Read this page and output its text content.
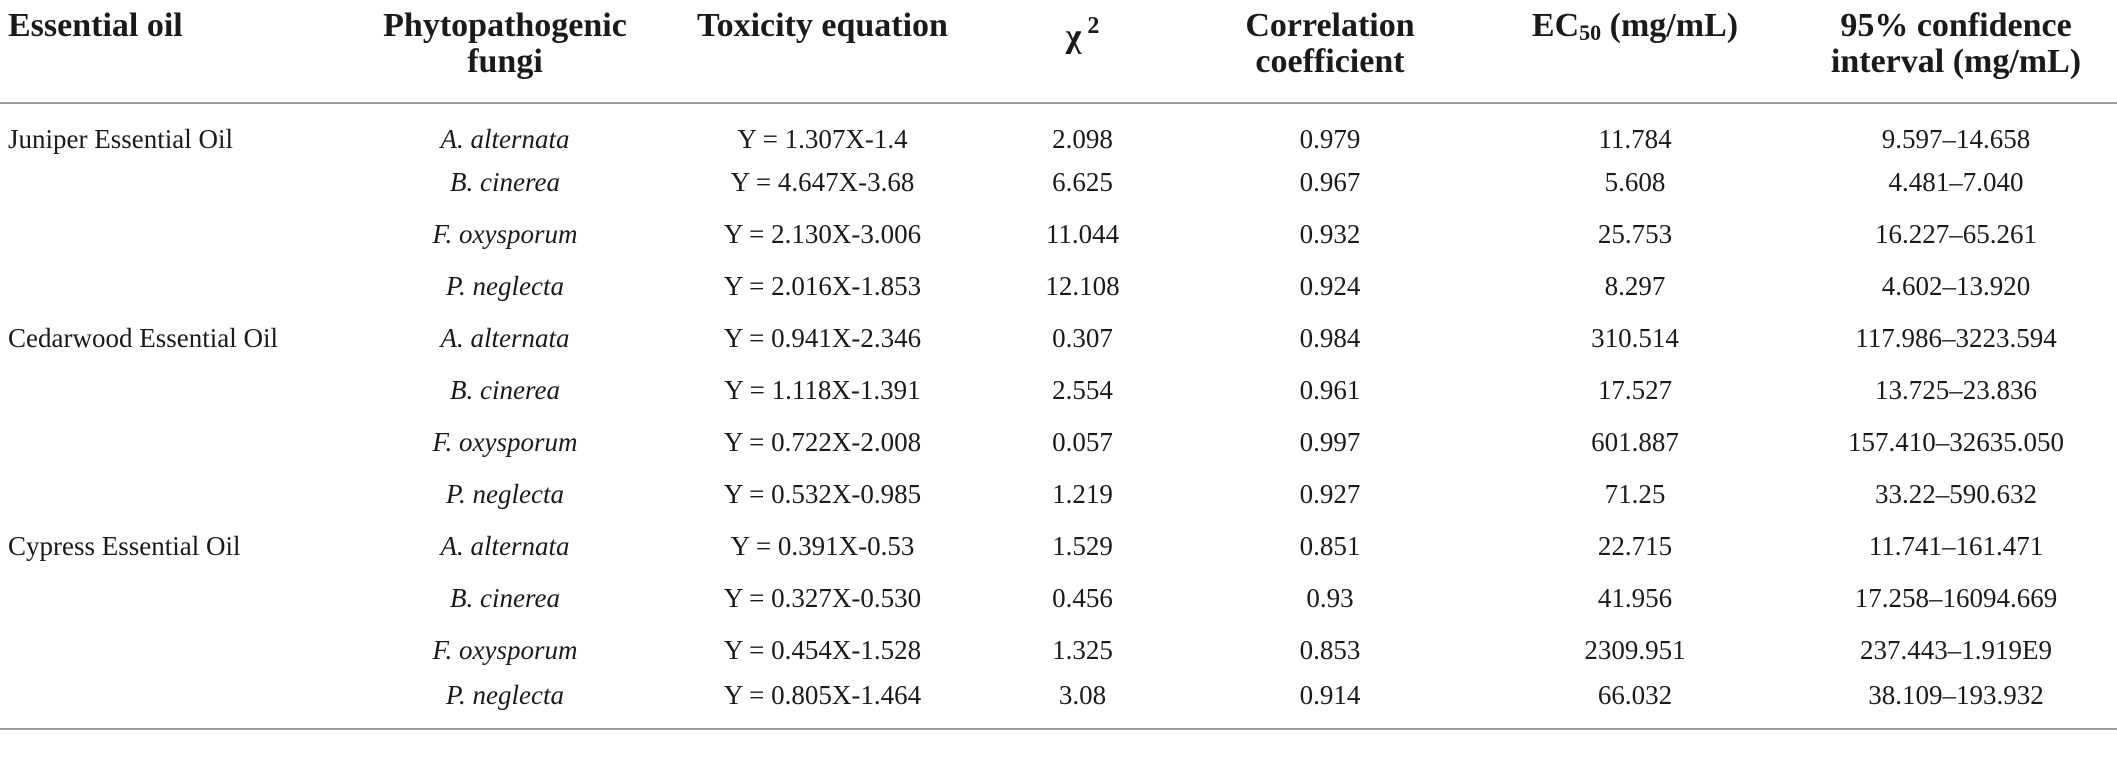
Essential oil	Phytopathogenic fungi	Toxicity equation	χ $^2$	Correlation coefficient	$EC_{50}$ (mg/mL)	95% confidence interval (mg/mL)
Juniper Essential Oil	A. alternata	Y = 1.307X-1.4	2.098	0.979	11.784	9.597–14.658
	B. cinerea	Y = 4.647X-3.68	6.625	0.967	5.608	4.481–7.040
	F. oxysporum	Y = 2.130X-3.006	11.044	0.932	25.753	16.227–65.261
	P. neglecta	Y = 2.016X-1.853	12.108	0.924	8.297	4.602–13.920
Cedarwood Essential Oil	A. alternata	Y = 0.941X-2.346	0.307	0.984	310.514	117.986–3223.594
	B. cinerea	Y = 1.118X-1.391	2.554	0.961	17.527	13.725–23.836
	F. oxysporum	Y = 0.722X-2.008	0.057	0.997	601.887	157.410–32635.050
	P. neglecta	Y = 0.532X-0.985	1.219	0.927	71.25	33.22–590.632
Cypress Essential Oil	A. alternata	Y = 0.391X-0.53	1.529	0.851	22.715	11.741–161.471
	B. cinerea	Y = 0.327X-0.530	0.456	0.93	41.956	17.258–16094.669
	F. oxysporum	Y = 0.454X-1.528	1.325	0.853	2309.951	237.443–1.919E9
	P. neglecta	Y = 0.805X-1.464	3.08	0.914	66.032	38.109–193.932
